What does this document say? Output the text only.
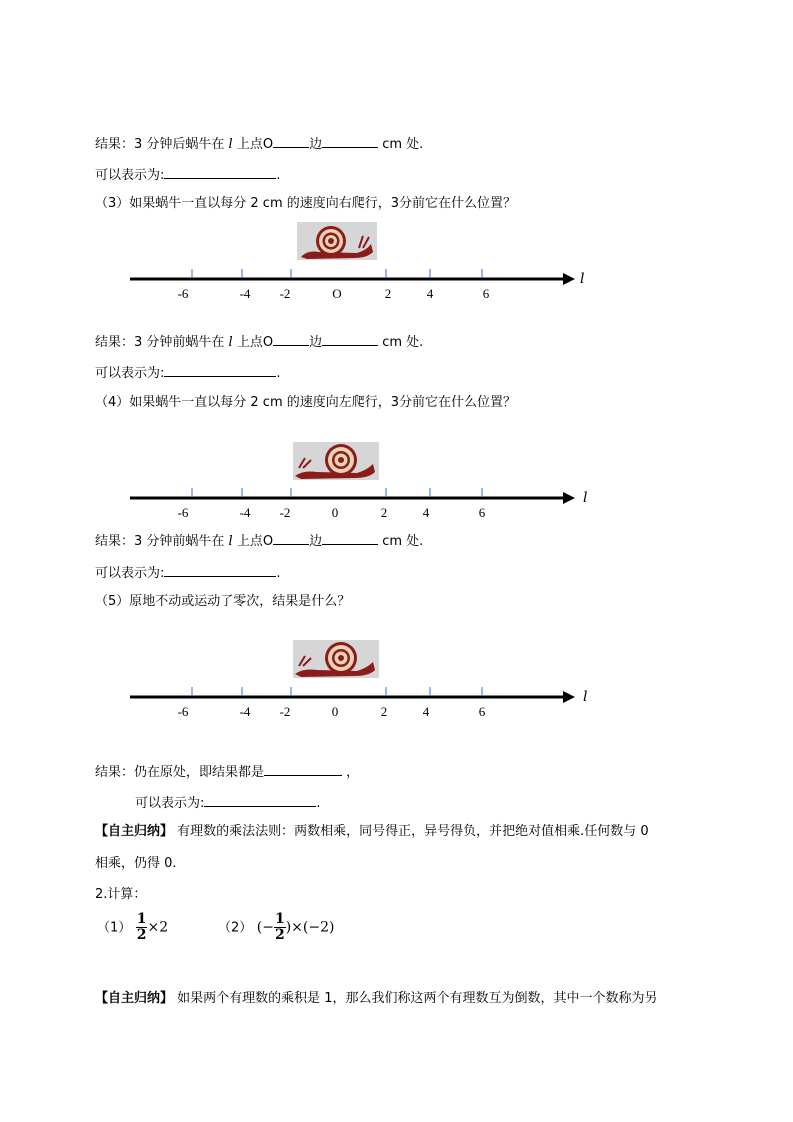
结果：3 分钟后蜗牛在 l 上点O	边	cm 处.
可以表示为:	.
（3）如果蜗牛一直以每分 2 cm 的速度向右爬行，3分前它在什么位置？
l
-6	-4 -2	O	2	4	6
结果：3 分钟前蜗牛在 l 上点O	边	cm 处.
可以表示为:	.
（4）如果蜗牛一直以每分 2 cm 的速度向左爬行，3分前它在什么位置？
l
-6	-4 -2	0	2	4	6
结果：3 分钟前蜗牛在 l 上点O	边	cm 处.
可以表示为:	.
（5）原地不动或运动了零次，结果是什么？
l
-6	-4 -2	0	2	4	6
结果：仍在原处，即结果都是	，
可以表示为:	.
【自主归纳】 有理数的乘法法则：两数相乘，同号得正，异号得负，并把绝对值相乘.任何数与 0
相乘，仍得 0.
2.计算：
$(1) \frac{1}{2} \times 2$	（2） (− $\frac{1}{2} )\times(-2)$
【自主归纳】 如果两个有理数的乘积是 1，那么我们称这两个有理数互为倒数，其中一个数称为另
